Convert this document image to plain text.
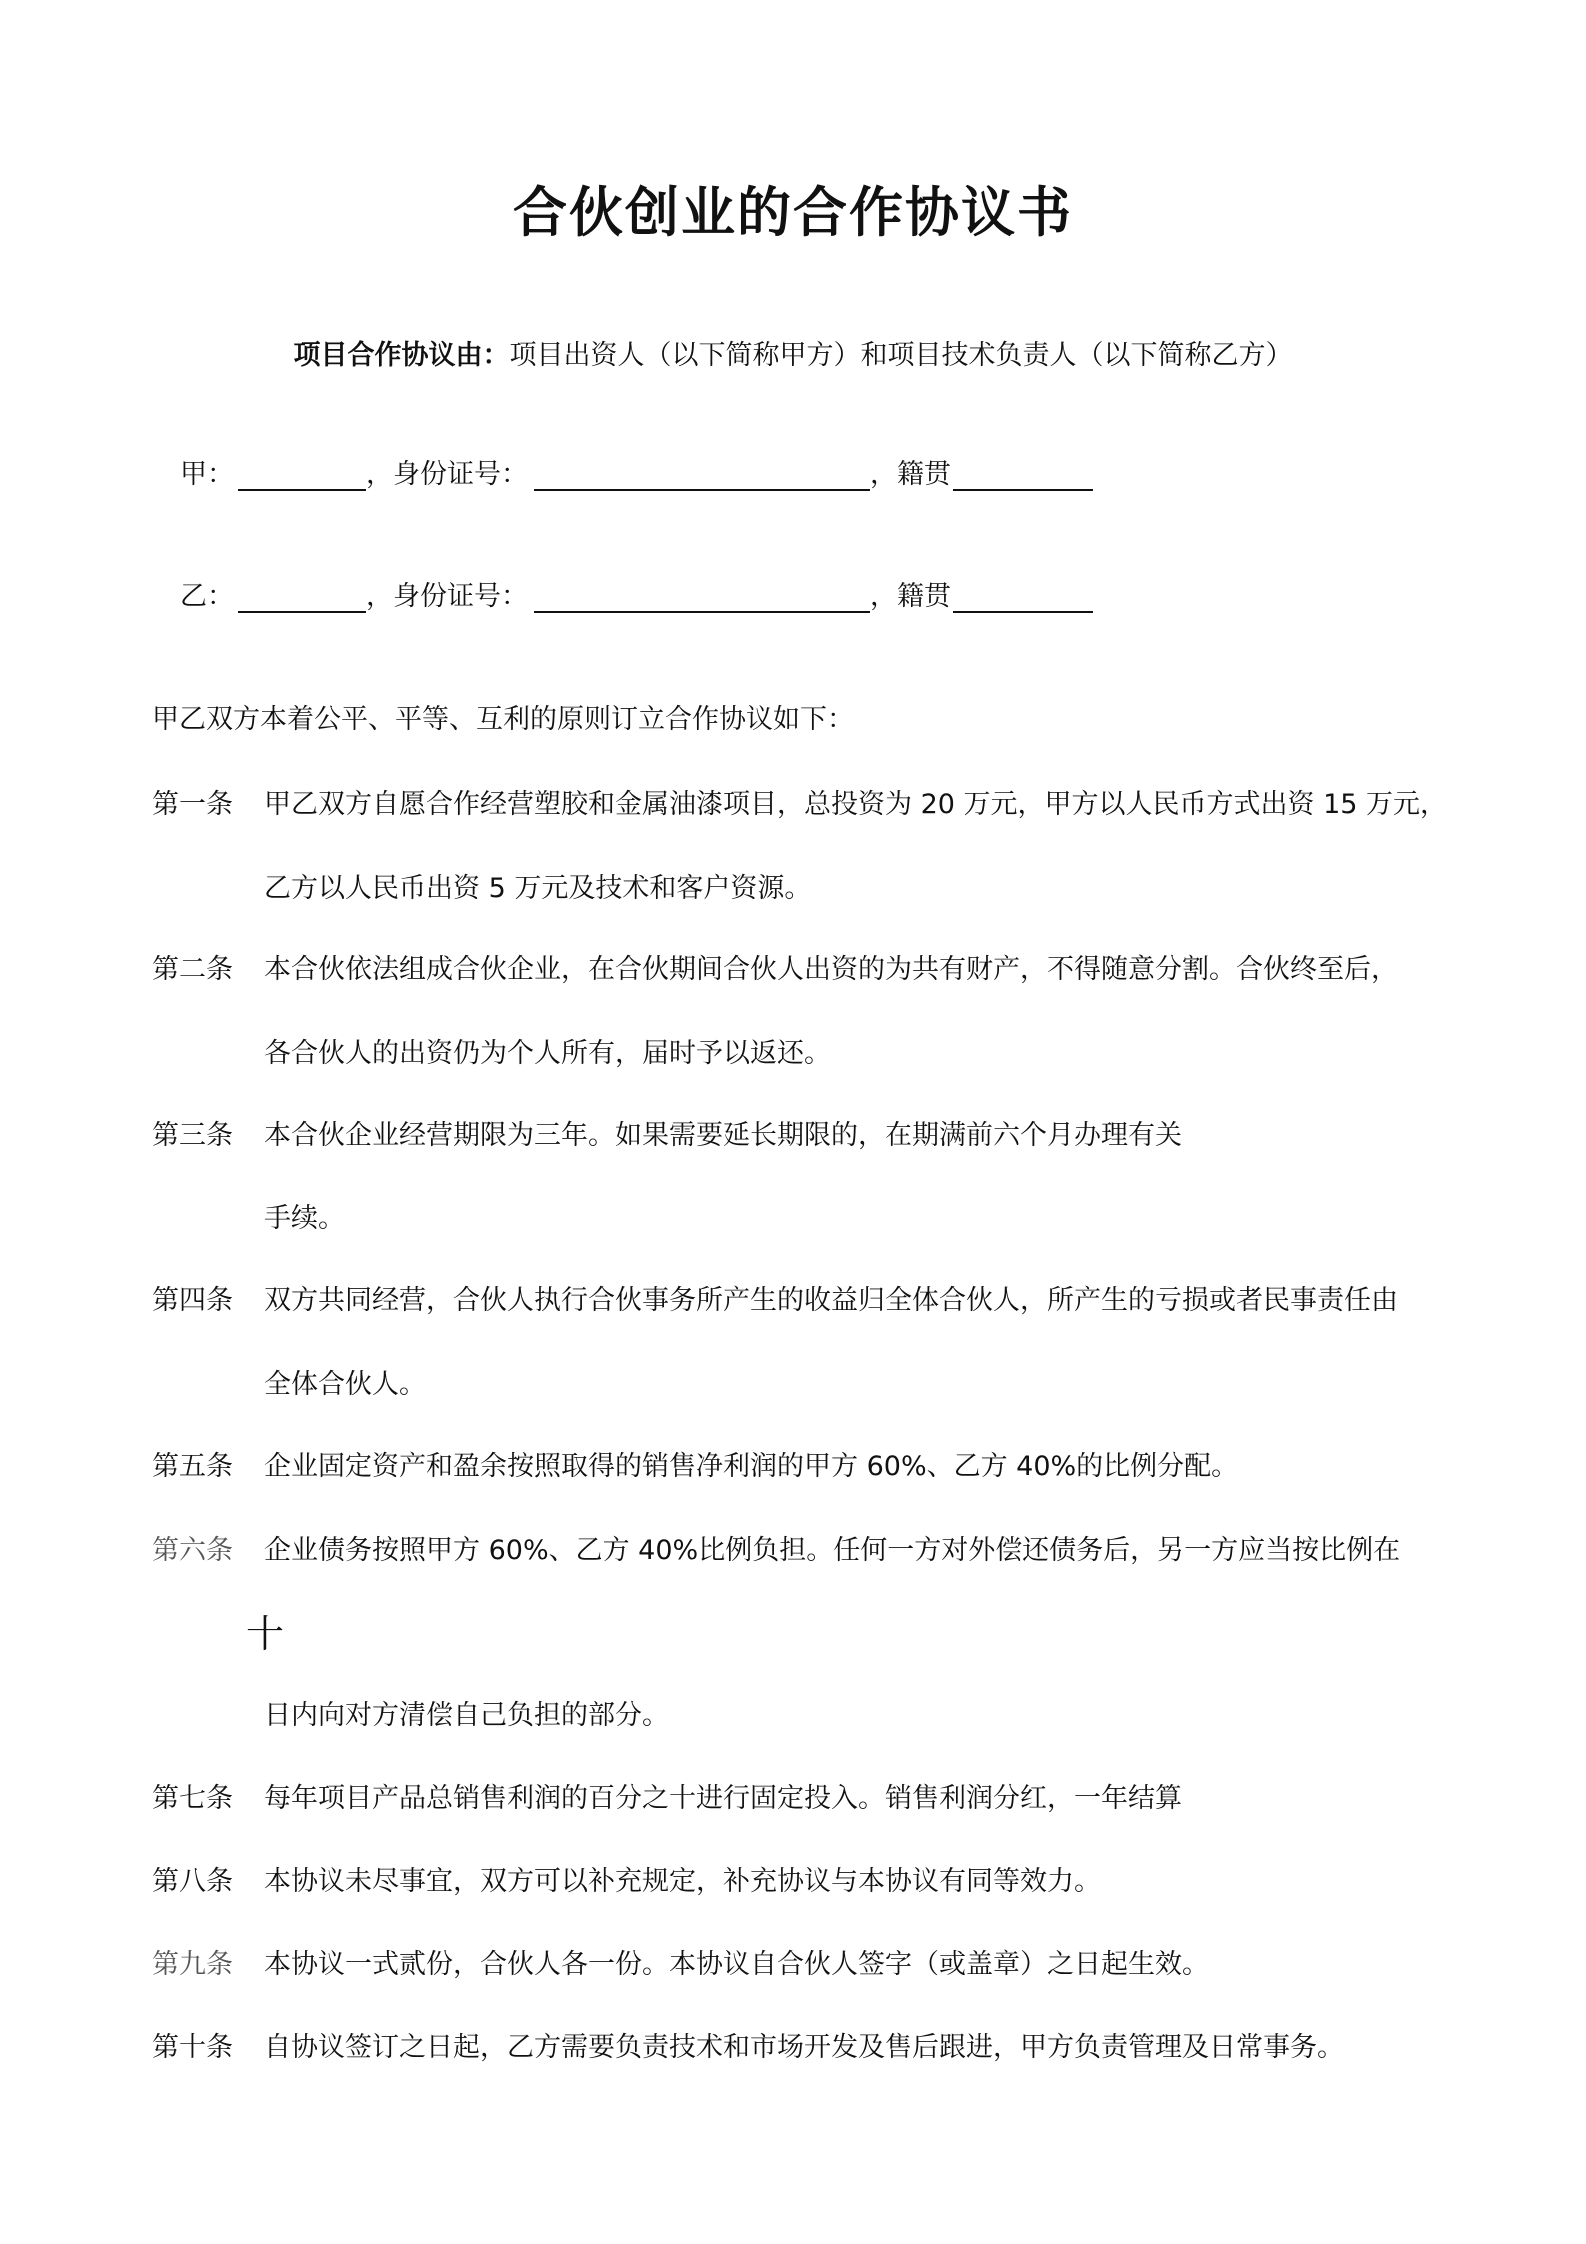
合伙创业的合作协议书
项目合作协议由：项目出资人（以下简称甲方）和项目技术负责人（以下简称乙方）
甲：	，身份证号：	，籍贯
乙：	，身份证号：	，籍贯
甲乙双方本着公平、平等、互利的原则订立合作协议如下：
第一条 甲乙双方自愿合作经营塑胶和金属油漆项目，总投资为 20 万元，甲方以人民币方式出资 15 万元，
乙方以人民币出资 5 万元及技术和客户资源。
第二条 本合伙依法组成合伙企业，在合伙期间合伙人出资的为共有财产，不得随意分割。合伙终至后，
各合伙人的出资仍为个人所有，届时予以返还。
第三条 本合伙企业经营期限为三年。如果需要延长期限的，在期满前六个月办理有关
手续。
第四条 双方共同经营，合伙人执行合伙事务所产生的收益归全体合伙人，所产生的亏损或者民事责任由
全体合伙人。
第五条 企业固定资产和盈余按照取得的销售净利润的甲方 60%、乙方 40%的比例分配。
第六条 企业债务按照甲方 60%、乙方 40%比例负担。任何一方对外偿还债务后，另一方应当按比例在
十
日内向对方清偿自己负担的部分。
第七条 每年项目产品总销售利润的百分之十进行固定投入。销售利润分红，一年结算
第八条 本协议未尽事宜，双方可以补充规定，补充协议与本协议有同等效力。
第九条 本协议一式贰份，合伙人各一份。本协议自合伙人签字（或盖章）之日起生效。
第十条 自协议签订之日起，乙方需要负责技术和市场开发及售后跟进，甲方负责管理及日常事务。
